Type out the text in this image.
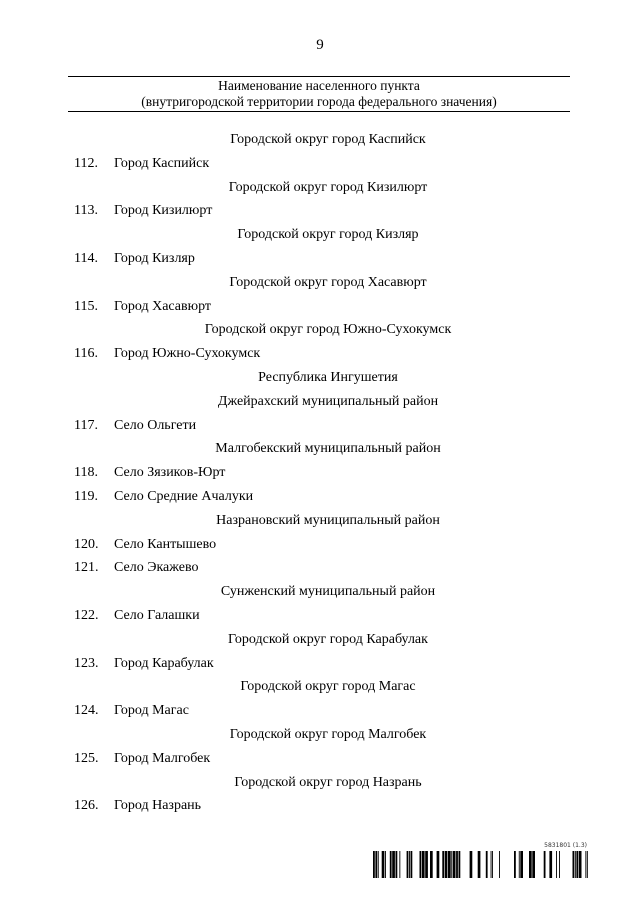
9
Наименование населенного пункта
(внутригородской территории города федерального значения)
Городской округ город Каспийск
112.	Город Каспийск
Городской округ город Кизилюрт
113.	Город Кизилюрт
Городской округ город Кизляр
114.	Город Кизляр
Городской округ город Хасавюрт
115.	Город Хасавюрт
Городской округ город Южно-Сухокумск
116.	Город Южно-Сухокумск
Республика Ингушетия
Джейрахский муниципальный район
117.	Село Ольгети
Малгобекский муниципальный район
118.	Село Зязиков-Юрт
119.	Село Средние Ачалуки
Назрановский муниципальный район
120.	Село Кантышево
121.	Село Экажево
Сунженский муниципальный район
122.	Село Галашки
Городской округ город Карабулак
123.	Город Карабулак
Городской округ город Магас
124.	Город Магас
Городской округ город Малгобек
125.	Город Малгобек
Городской округ город Назрань
126.	Город Назрань
5831801 (1.3)
